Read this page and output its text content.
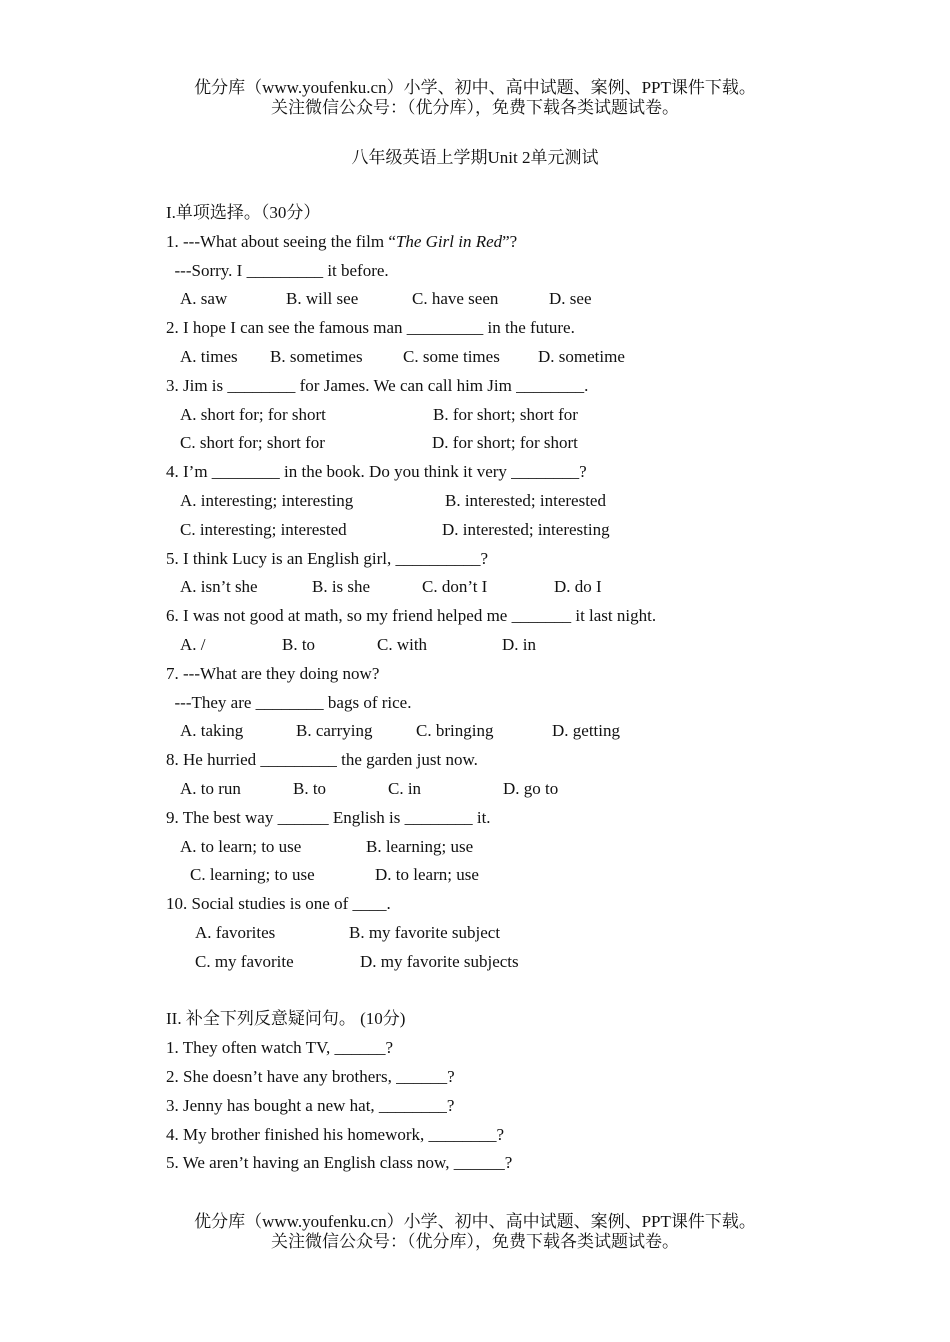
优分库（www.youfenku.cn）小学、初中、高中试题、案例、PPT课件下载。
关注微信公众号：（优分库），免费下载各类试题试卷。
八年级英语上学期Unit 2单元测试
I.单项选择。（30分）
1. ---What about seeing the film “The Girl in Red”?
---Sorry. I _________ it before.

A. saw

	B. will see

	C. have seen

	D. see

2. I hope I can see the famous man _________ in the future.

A. times

B. sometimes

C. some times

D. sometime

3. Jim is ________ for James. We can call him Jim ________.

A. short for; for short

	B. for short; short for

C. short for; short for

	D. for short; for short

4. I’m ________ in the book. Do you think it very ________?

A. interesting; interesting

	B. interested; interested

C. interesting; interested

	D. interested; interesting

5. I think Lucy is an English girl, __________?

A. isn’t she

	B. is she

	C. don’t I

	D. do I

6. I was not good at math, so my friend helped me _______ it last night.

A. /

	B. to

	C. with

	D. in

7. ---What are they doing now?
---They are ________ bags of rice.

A. taking

	B. carrying

	C. bringing

	D. getting

8. He hurried _________ the garden just now.

A. to run

	B. to

	C. in

	D. go to

9. The best way ______ English is ________ it.

A. to learn; to use

	B. learning; use

C. learning; to use

	D. to learn; use

10. Social studies is one of ____.

A. favorites

	B. my favorite subject

C. my favorite

	D. my favorite subjects

II. 补全下列反意疑问句。 (10分)
1. They often watch TV, ______?
2. She doesn’t have any brothers, ______?
3. Jenny has bought a new hat, ________?
4. My brother finished his homework, ________?
5. We aren’t having an English class now, ______?
优分库（www.youfenku.cn）小学、初中、高中试题、案例、PPT课件下载。
关注微信公众号：（优分库），免费下载各类试题试卷。
